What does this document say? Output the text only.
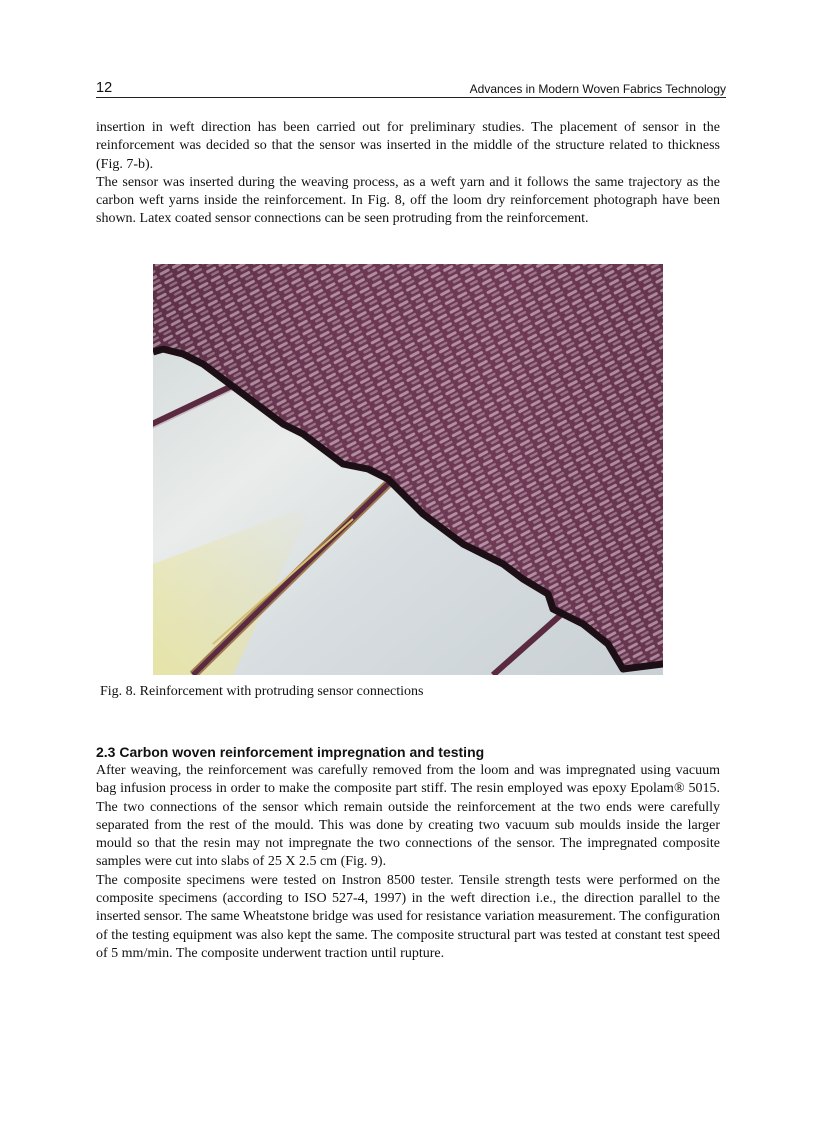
12	Advances in Modern Woven Fabrics Technology

insertion in weft direction has been carried out for preliminary studies. The placement of sensor in the reinforcement was decided so that the sensor was inserted in the middle of the structure related to thickness (Fig. 7-b).

The sensor was inserted during the weaving process, as a weft yarn and it follows the same trajectory as the carbon weft yarns inside the reinforcement. In Fig. 8, off the loom dry reinforcement photograph have been shown. Latex coated sensor connections can be seen protruding from the reinforcement.

Fig. 8. Reinforcement with protruding sensor connections
2.3 Carbon woven reinforcement impregnation and testing

After weaving, the reinforcement was carefully removed from the loom and was impregnated using vacuum bag infusion process in order to make the composite part stiff. The resin employed was epoxy Epolam® 5015. The two connections of the sensor which remain outside the reinforcement at the two ends were carefully separated from the rest of the mould. This was done by creating two vacuum sub moulds inside the larger mould so that the resin may not impregnate the two connections of the sensor. The impregnated composite samples were cut into slabs of 25 X 2.5 cm (Fig. 9).

The composite specimens were tested on Instron 8500 tester. Tensile strength tests were performed on the composite specimens (according to ISO 527-4, 1997) in the weft direction i.e., the direction parallel to the inserted sensor. The same Wheatstone bridge was used for resistance variation measurement. The configuration of the testing equipment was also kept the same. The composite structural part was tested at constant test speed of 5 mm/min. The composite underwent traction until rupture.
